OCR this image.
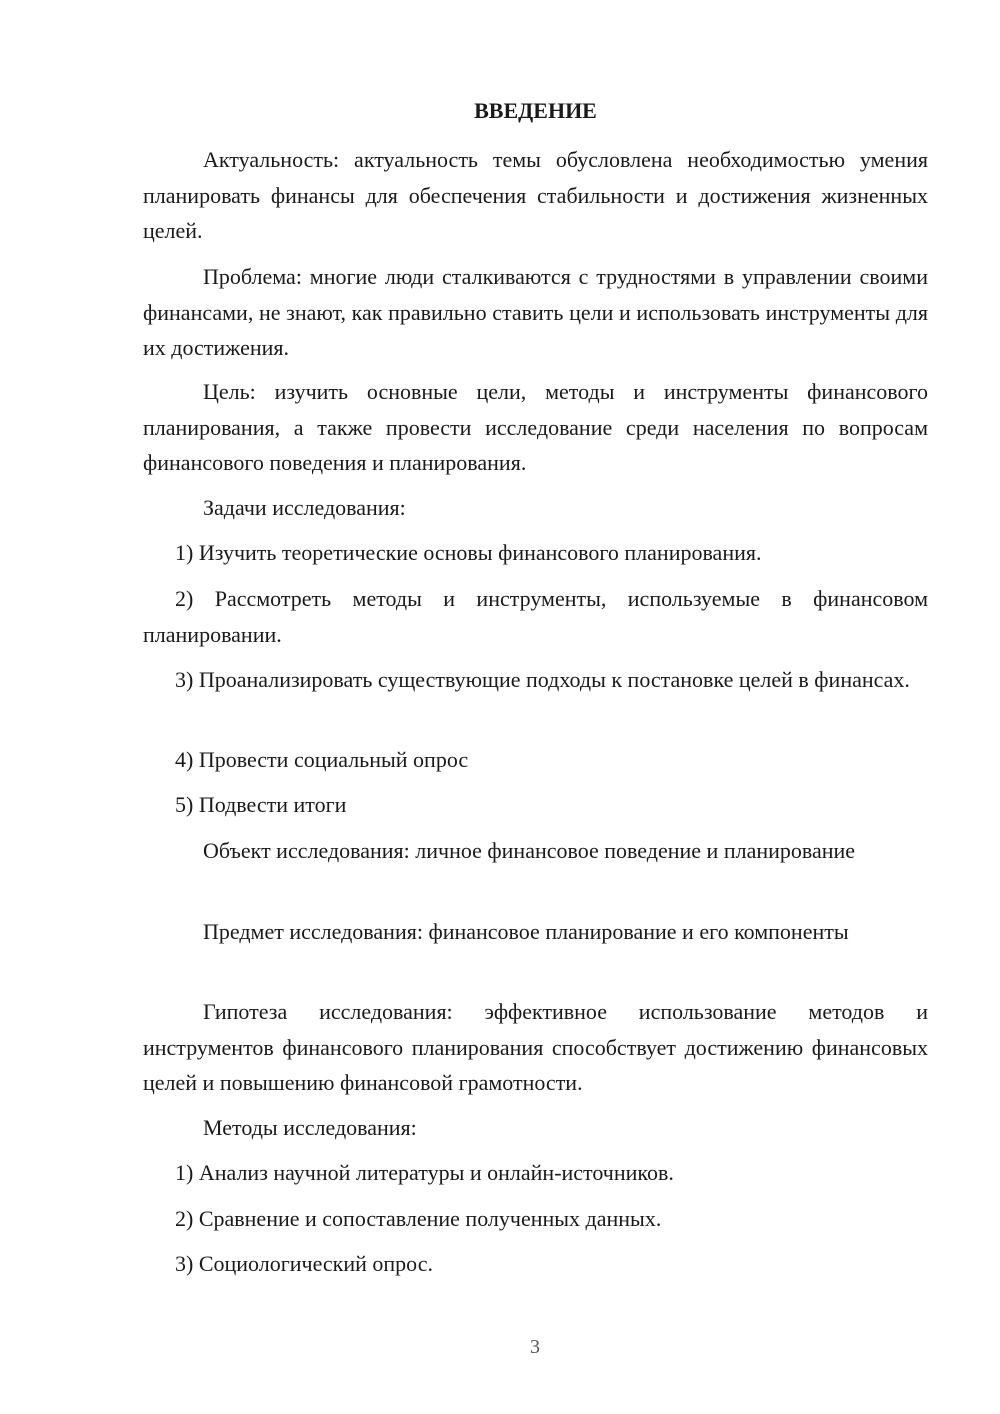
ВВЕДЕНИЕ

Актуальность: актуальность темы обусловлена необходимостью умения планировать финансы для обеспечения стабильности и достижения жизненных целей.

Проблема: многие люди сталкиваются с трудностями в управлении своими финансами, не знают, как правильно ставить цели и использовать инструменты для их достижения.

Цель: изучить основные цели, методы и инструменты финансового планирования, а также провести исследование среди населения по вопросам финансового поведения и планирования.

Задачи исследования:

1) Изучить теоретические основы финансового планирования.

2) Рассмотреть методы и инструменты, используемые в финансовом планировании.

3) Проанализировать существующие подходы к постановке целей в финансах.

4) Провести социальный опрос

5) Подвести итоги

Объект исследования: личное финансовое поведение и планирование

Предмет исследования: финансовое планирование и его компоненты

Гипотеза исследования: эффективное использование методов и инструментов финансового планирования способствует достижению финансовых целей и повышению финансовой грамотности.

Методы исследования:

1) Анализ научной литературы и онлайн-источников.

2) Сравнение и сопоставление полученных данных.

3) Социологический опрос.

3
